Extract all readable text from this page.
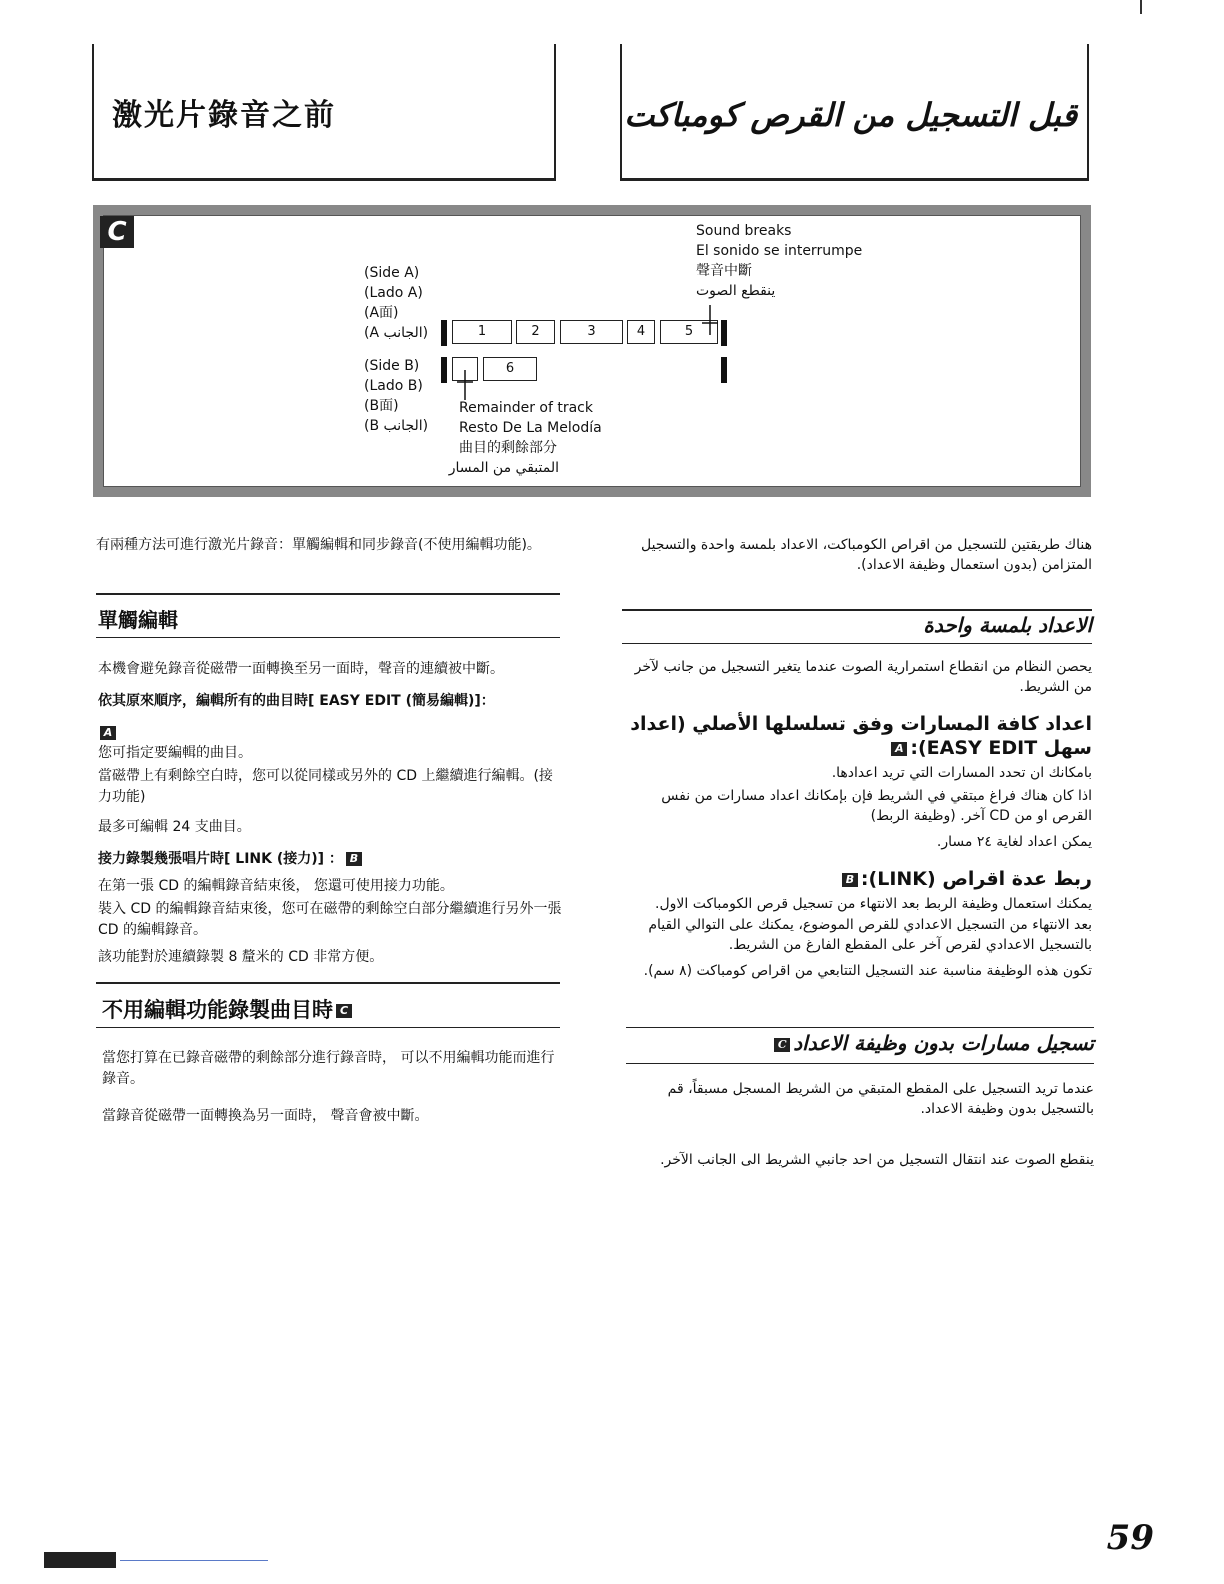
激光片錄音之前	قبل التسجيل من القرص كومباكت
C	Sound breaks
El sonido se interrumpe
聲音中斷
ينقطع الصوت
(Side A)
(Lado A)
(A面)
(A الجانب)
(Side B)
(Lado B)
(B面)
(B الجانب)
1	2	3	4	5
6
Remainder of track
Resto De La Melodía
曲目的剩餘部分
المتبقي من المسار
有兩種方法可進行激光片錄音：單觸編輯和同步錄音(不使用編輯功能)。
單觸編輯
本機會避免錄音從磁帶一面轉換至另一面時，聲音的連續被中斷。
依其原來順序，編輯所有的曲目時[ EASY EDIT (簡易編輯)]：
A
您可指定要編輯的曲目。
當磁帶上有剩餘空白時，您可以從同樣或另外的 CD 上繼續進行編輯。(接力功能)
最多可編輯 24 支曲目。
接力錄製幾張唱片時[ LINK (接力)] ： B
在第一張 CD 的編輯錄音結束後， 您還可使用接力功能。
裝入 CD 的編輯錄音結束後，您可在磁帶的剩餘空白部分繼續進行另外一張 CD 的編輯錄音。
該功能對於連續錄製 8 釐米的 CD 非常方便。
不用編輯功能錄製曲目時 C
當您打算在已錄音磁帶的剩餘部分進行錄音時， 可以不用編輯功能而進行錄音。
當錄音從磁帶一面轉換為另一面時， 聲音會被中斷。
هناك طريقتين للتسجيل من اقراص الكومباكت، الاعداد بلمسة واحدة والتسجيل المتزامن (بدون استعمال وظيفة الاعداد).
الاعداد بلمسة واحدة
يحصن النظام من انقطاع استمرارية الصوت عندما يتغير التسجيل من جانب لآخر من الشريط.
اعداد كافة المسارات وفق تسلسلها الأصلي (اعداد سهل EASY EDIT):A
بامكانك ان تحدد المسارات التي تريد اعدادها.
اذا كان هناك فراغ مبتقي في الشريط فإن بإمكانك اعداد مسارات من نفس القرص او من CD آخر. (وظيفة الربط)
يمكن اعداد لغاية ٢٤ مسار.
ربط عدة اقراص (LINK):B
يمكنك استعمال وظيفة الربط بعد الانتهاء من تسجيل قرص الكومباكت الاول.
بعد الانتهاء من التسجيل الاعدادي للقرص الموضوع، يمكنك على التوالي القيام بالتسجيل الاعدادي لقرص آخر على المقطع الفارغ من الشريط.
تكون هذه الوظيفة مناسبة عند التسجيل التتابعي من اقراص كومباكت (٨ سم).
تسجيل مسارات بدون وظيفة الاعدادC
عندما تريد التسجيل على المقطع المتبقي من الشريط المسجل مسبقاً، قم بالتسجيل بدون وظيفة الاعداد.
ينقطع الصوت عند انتقال التسجيل من احد جانبي الشريط الى الجانب الآخر.
59
